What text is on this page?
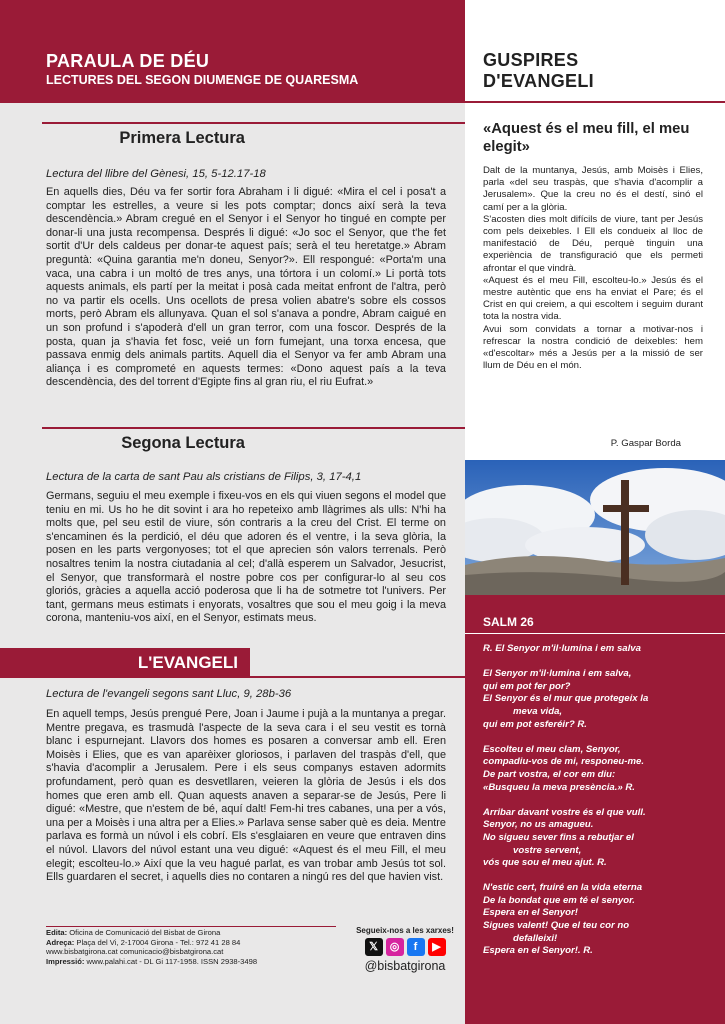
PARAULA DE DÉU
LECTURES DEL SEGON DIUMENGE DE QUARESMA
Primera Lectura
Lectura del llibre del Gènesi, 15, 5-12.17-18
En aquells dies, Déu va fer sortir fora Abraham i li digué: «Mira el cel i posa't a comptar les estrelles, a veure si les pots comptar; doncs així serà la teva descendència.» Abram cregué en el Senyor i el Senyor ho tingué en compte per donar-li una justa recompensa. Després li digué: «Jo soc el Senyor, que t'he fet sortit d'Ur dels caldeus per donar-te aquest país; serà el teu heretatge.» Abram preguntà: «Quina garantia me'n doneu, Senyor?». Ell respongué: «Porta'm una vaca, una cabra i un moltó de tres anys, una tórtora i un colomí.» Li portà tots aquests animals, els partí per la meitat i posà cada meitat enfront de l'altra, però no va partir els ocells. Uns ocellots de presa volien abatre's sobre els cossos morts, però Abram els allunyava. Quan el sol s'anava a pondre, Abram caigué en un son profund i s'apoderà d'ell un gran terror, com una foscor. Després de la posta, quan ja s'havia fet fosc, veié un forn fumejant, una torxa encesa, que passava enmig dels animals partits. Aquell dia el Senyor va fer amb Abram una aliança i es comprometé en aquests termes: «Dono aquest país a la teva descendència, des del torrent d'Egipte fins al gran riu, el riu Eufrat.»
Segona Lectura
Lectura de la carta de sant Pau als cristians de Filips, 3, 17-4,1
Germans, seguiu el meu exemple i fixeu-vos en els qui viuen segons el model que teniu en mi. Us ho he dit sovint i ara ho repeteixo amb llàgrimes als ulls: N'hi ha molts que, pel seu estil de viure, són contraris a la creu del Crist. El terme on s'encaminen és la perdició, el déu que adoren és el ventre, i la seva glòria, la posen en les parts vergonyoses; tot el que aprecien són valors terrenals. Però nosaltres tenim la nostra ciutadania al cel; d'allà esperem un Salvador, Jesucrist, el Senyor, que transformarà el nostre pobre cos per configurar-lo al seu cos gloriós, gràcies a aquella acció poderosa que li ha de sotmetre tot l'univers. Per tant, germans meus estimats i enyorats, vosaltres que sou el meu goig i la meva corona, manteniu-vos així, en el Senyor, estimats meus.
L'EVANGELI
Lectura de l'evangeli segons sant Lluc, 9, 28b-36
En aquell temps, Jesús prengué Pere, Joan i Jaume i pujà a la muntanya a pregar. Mentre pregava, es trasmudà l'aspecte de la seva cara i el seu vestit es tornà blanc i espurnejant. Llavors dos homes es posaren a conversar amb ell. Eren Moisès i Elies, que es van aparèixer gloriosos, i parlaven del traspàs d'ell, que s'havia d'acomplir a Jerusalem. Pere i els seus companys estaven adormits profundament, però quan es desvetllaren, veieren la glòria de Jesús i els dos homes que eren amb ell. Quan aquests anaven a separar-se de Jesús, Pere li digué: «Mestre, que n'estem de bé, aquí dalt! Fem-hi tres cabanes, una per a vós, una per a Moisès i una altra per a Elies.» Parlava sense saber què es deia. Mentre parlava es formà un núvol i els cobrí. Els s'esglaiaren en veure que entraven dins el núvol. Llavors del núvol estant una veu digué: «Aquest és el meu Fill, el meu elegit; escolteu-lo.» Així que la veu hagué parlat, es van trobar amb Jesús tot sol. Ells guardaren el secret, i aquells dies no contaren a ningú res del que havien vist.
Edita: Oficina de Comunicació del Bisbat de Girona
Adreça: Plaça del Vi, 2-17004 Girona - Tel.: 972 41 28 84
www.bisbatgirona.cat comunicacio@bisbatgirona.cat
Impressió: www.palahi.cat - DL Gi 117-1958. ISSN 2938-3498
Segueix-nos a les xarxes!
𝕏	◎	f	▶
@bisbatgirona
GUSPIRES
D'EVANGELI
«Aquest és el meu fill, el meu elegit»

Dalt de la muntanya, Jesús, amb Moisès i Elies, parla «del seu traspàs, que s'havia d'acomplir a Jerusalem». Que la creu no és el destí, sinó el camí per a la glòria.

S'acosten dies molt difícils de viure, tant per Jesús com pels deixebles. I Ell els condueix al lloc de manifestació de Déu, perquè tinguin una experiència de transfiguració que els permeti afrontar el que vindrà.

«Aquest és el meu Fill, escolteu-lo.» Jesús és el mestre autèntic que ens ha enviat el Pare; és el Crist en qui creiem, a qui escoltem i seguim durant tota la nostra vida.

Avui som convidats a tornar a motivar-nos i refrescar la nostra condició de deixebles: hem «d'escoltar» més a Jesús per a la missió de ser llum de Déu en el món.

P. Gaspar Borda
SALM 26
R. El Senyor m'il·lumina i em salva
El Senyor m'il·lumina i em salva,
qui em pot fer por?
El Senyor és el mur que protegeix la
meva vida,
qui em pot esferéir? R.
Escolteu el meu clam, Senyor,
compadiu-vos de mi, responeu-me.
De part vostra, el cor em diu:
«Busqueu la meva presència.» R.
Arribar davant vostre és el que vull.
Senyor, no us amagueu.
No sigueu sever fins a rebutjar el
vostre servent,
vós que sou el meu ajut. R.
N'estic cert, fruiré en la vida eterna
De la bondat que em té el senyor.
Espera en el Senyor!
Sigues valent! Que el teu cor no
defalleixi!
Espera en el Senyor!. R.
